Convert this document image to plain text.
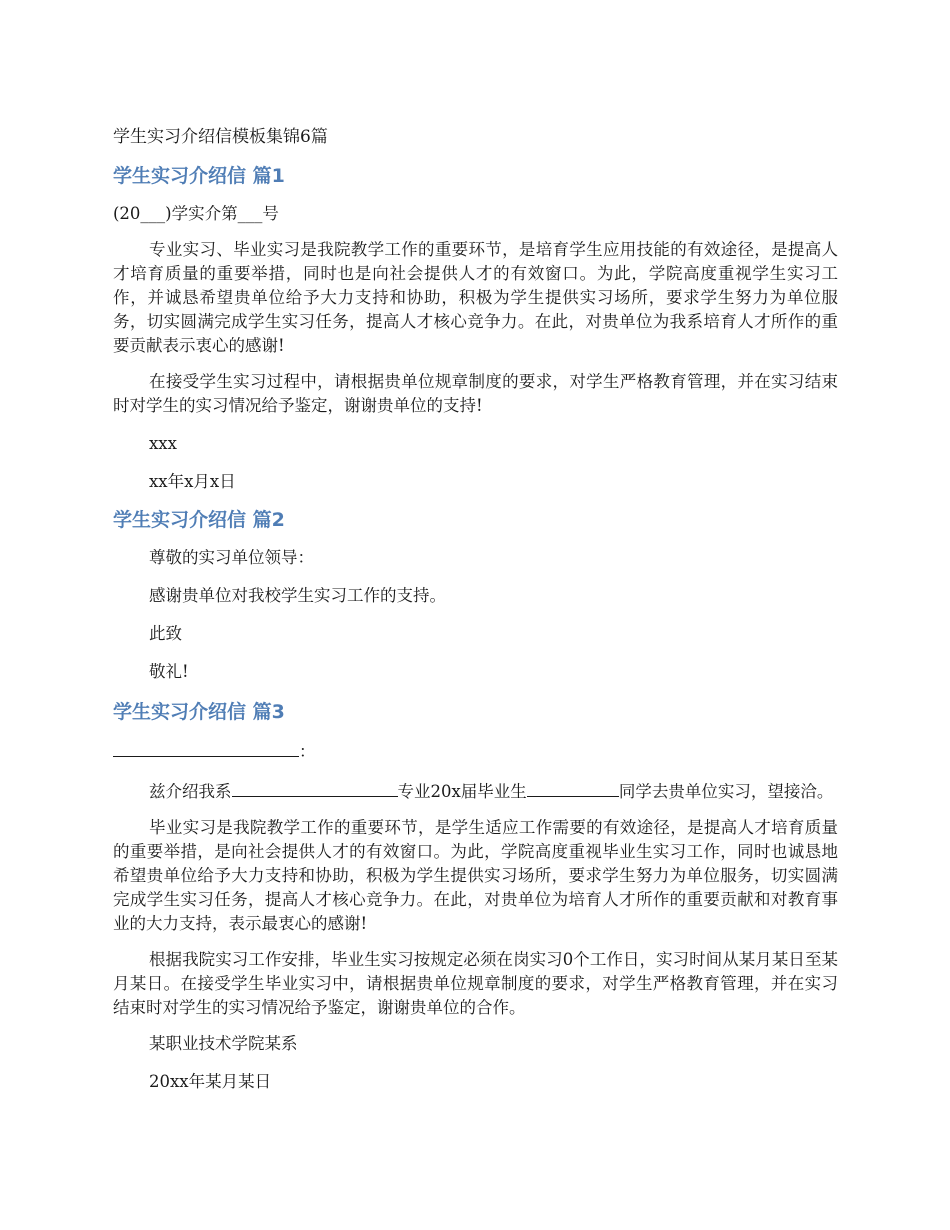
学生实习介绍信模板集锦6篇
学生实习介绍信 篇1

(20___)学实介第___号

专业实习、毕业实习是我院教学工作的重要环节，是培育学生应用技能的有效途径，是提高人才培育质量的重要举措，同时也是向社会提供人才的有效窗口。为此，学院高度重视学生实习工作，并诚恳希望贵单位给予大力支持和协助，积极为学生提供实习场所，要求学生努力为单位服务，切实圆满完成学生实习任务，提高人才核心竞争力。在此，对贵单位为我系培育人才所作的重要贡献表示衷心的感谢!

在接受学生实习过程中，请根据贵单位规章制度的要求，对学生严格教育管理，并在实习结束时对学生的实习情况给予鉴定，谢谢贵单位的支持!

xxx

xx年x月x日

学生实习介绍信 篇2

尊敬的实习单位领导：

感谢贵单位对我校学生实习工作的支持。

此致

敬礼!

学生实习介绍信 篇3

：

兹介绍我系	专业20x届毕业生	同学去贵单位实习，望接洽。

毕业实习是我院教学工作的重要环节，是学生适应工作需要的有效途径，是提高人才培育质量的重要举措，是向社会提供人才的有效窗口。为此，学院高度重视毕业生实习工作，同时也诚恳地希望贵单位给予大力支持和协助，积极为学生提供实习场所，要求学生努力为单位服务，切实圆满完成学生实习任务，提高人才核心竞争力。在此，对贵单位为培育人才所作的重要贡献和对教育事业的大力支持，表示最衷心的感谢!

根据我院实习工作安排，毕业生实习按规定必须在岗实习0个工作日，实习时间从某月某日至某月某日。在接受学生毕业实习中，请根据贵单位规章制度的要求，对学生严格教育管理，并在实习结束时对学生的实习情况给予鉴定，谢谢贵单位的合作。

某职业技术学院某系

20xx年某月某日
